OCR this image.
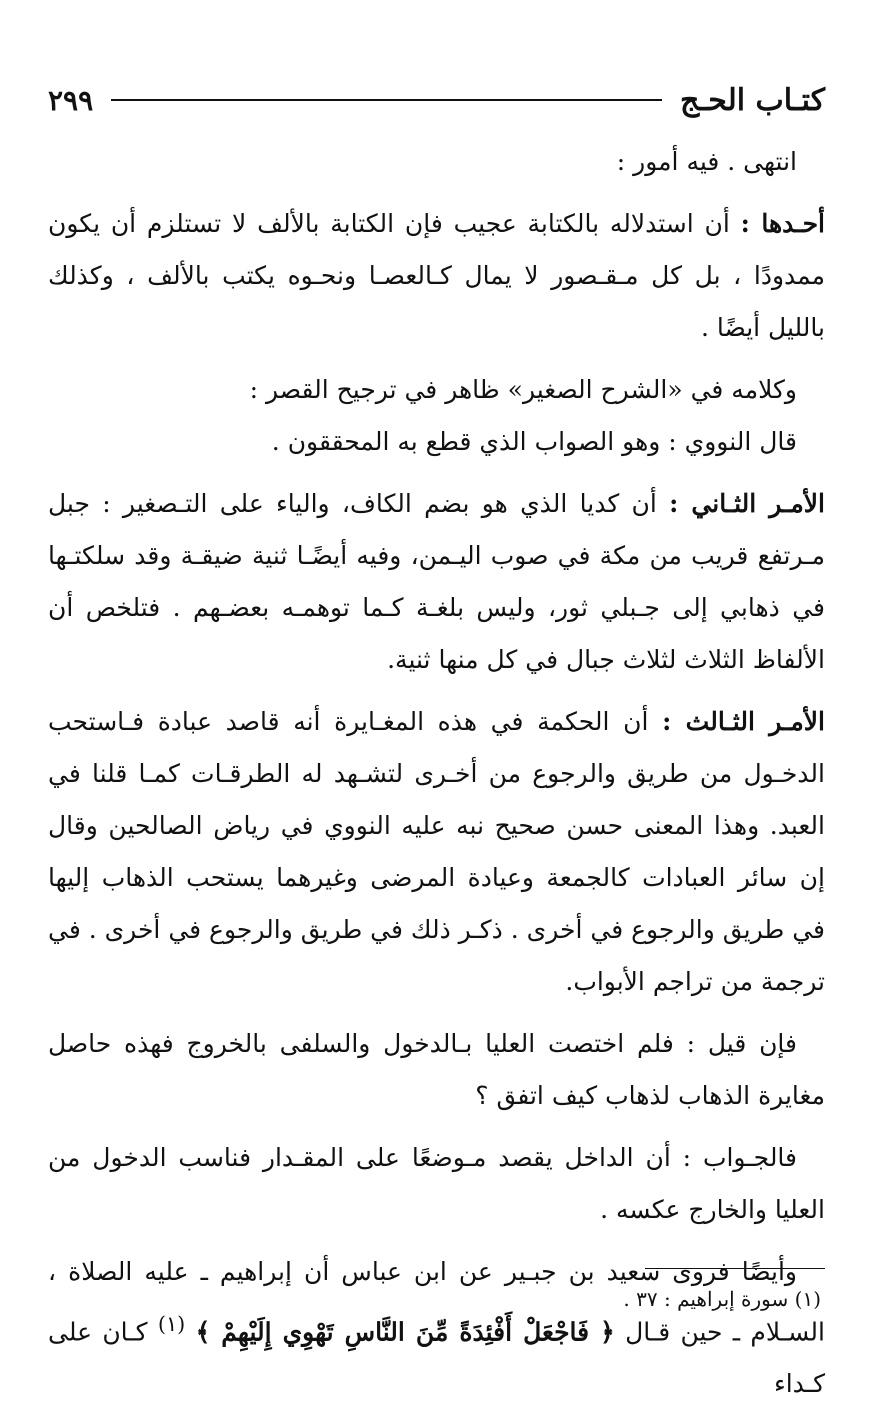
كتـاب الحـج
٢٩٩

انتهى . فيه أمور :

أحـدها : أن استدلاله بالكتابة عجيب فإن الكتابة بالألف لا تستلزم أن يكون ممدودًا ، بل كل مـقـصور لا يمال كـالعصـا ونحـوه يكتب بالألف ، وكذلك بالليل أيضًا .

وكلامه في «الشرح الصغير» ظاهر في ترجيح القصر :

قال النووي : وهو الصواب الذي قطع به المحققون .

الأمـر الثـاني : أن كديا الذي هو بضم الكاف، والياء على التـصغير : جبل مـرتفع قريب من مكة في صوب اليـمن، وفيه أيضًـا ثنية ضيقـة وقد سلكتـها في ذهابي إلى جـبلي ثور، وليس بلغـة كـما توهمـه بعضـهم . فتلخص أن الألفاظ الثلاث لثلاث جبال في كل منها ثنية.

الأمـر الثـالث : أن الحكمة في هذه المغـايرة أنه قاصد عبادة فـاستحب الدخـول من طريق والرجوع من أخـرى لتشـهد له الطرقـات كمـا قلنا في العبد. وهذا المعنى حسن صحيح نبه عليه النووي في رياض الصالحين وقال إن سائر العبادات كالجمعة وعيادة المرضى وغيرهما يستحب الذهاب إليها في طريق والرجوع في أخرى . ذكـر ذلك في طريق والرجوع في أخرى . في ترجمة من تراجم الأبواب.

فإن قيل : فلم اختصت العليا بـالدخول والسلفى بالخروج فهذه حاصل مغايرة الذهاب لذهاب كيف اتفق ؟

فالجـواب : أن الداخل يقصد مـوضعًا على المقـدار فناسب الدخول من العليا والخارج عكسه .

وأيضًا فروى سعيد بن جبـير عن ابن عباس أن إبراهيم ـ عليه الصلاة ، السـلام ـ حين قـال ﴿ فَاجْعَلْ أَفْئِدَةً مِّنَ النَّاسِ تَهْوِي إِلَيْهِمْ ﴾ $^{(١)}$ كـان على كـداء

(١) سورة إبراهيم : ٣٧ .
